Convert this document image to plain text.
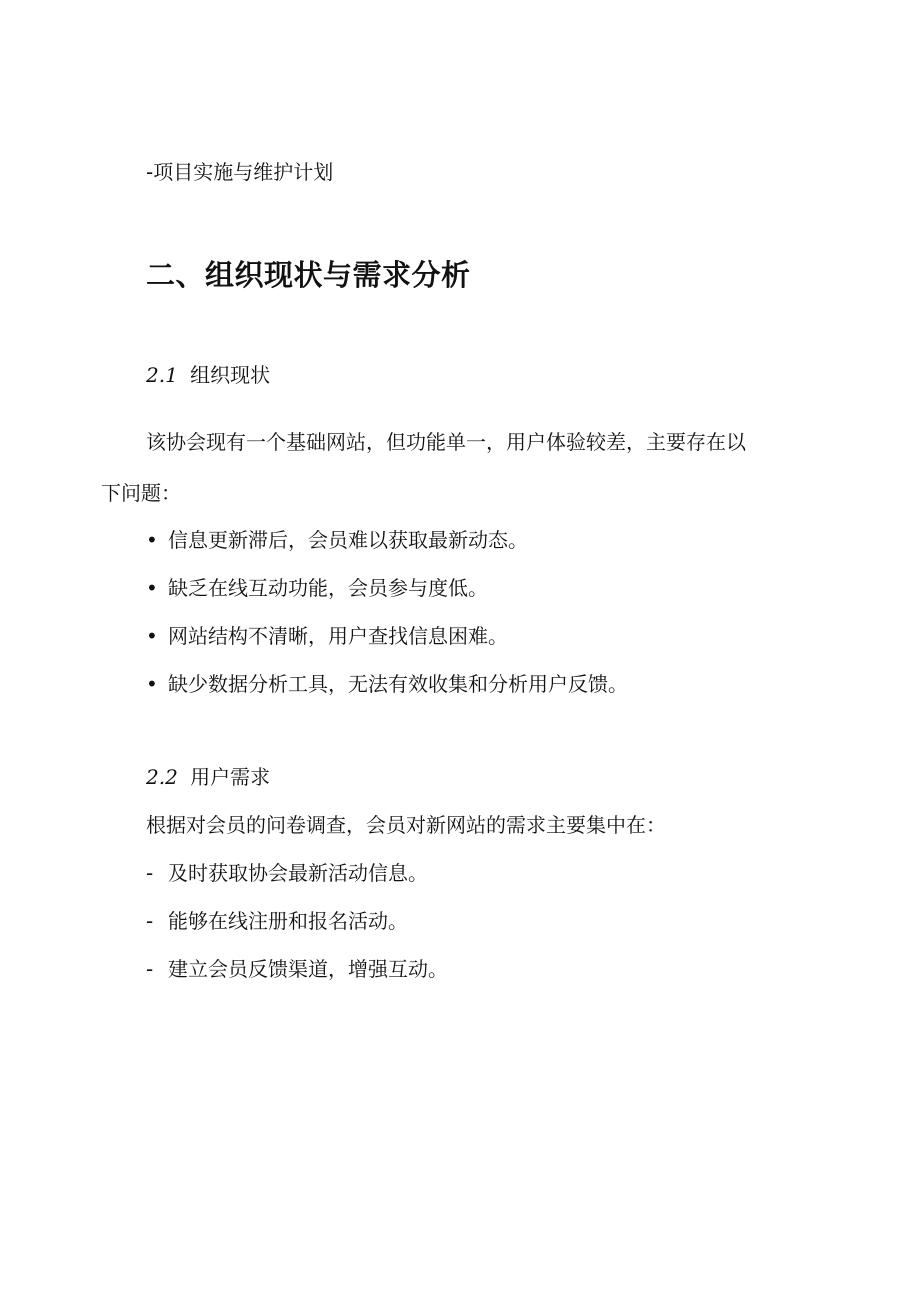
-项目实施与维护计划
二、组织现状与需求分析
2.1 组织现状
该协会现有一个基础网站，但功能单一，用户体验较差，主要存在以
下问题：
• 信息更新滞后，会员难以获取最新动态。
• 缺乏在线互动功能，会员参与度低。
• 网站结构不清晰，用户查找信息困难。
• 缺少数据分析工具，无法有效收集和分析用户反馈。
2.2 用户需求
根据对会员的问卷调查，会员对新网站的需求主要集中在：
- 及时获取协会最新活动信息。
- 能够在线注册和报名活动。
- 建立会员反馈渠道，增强互动。
